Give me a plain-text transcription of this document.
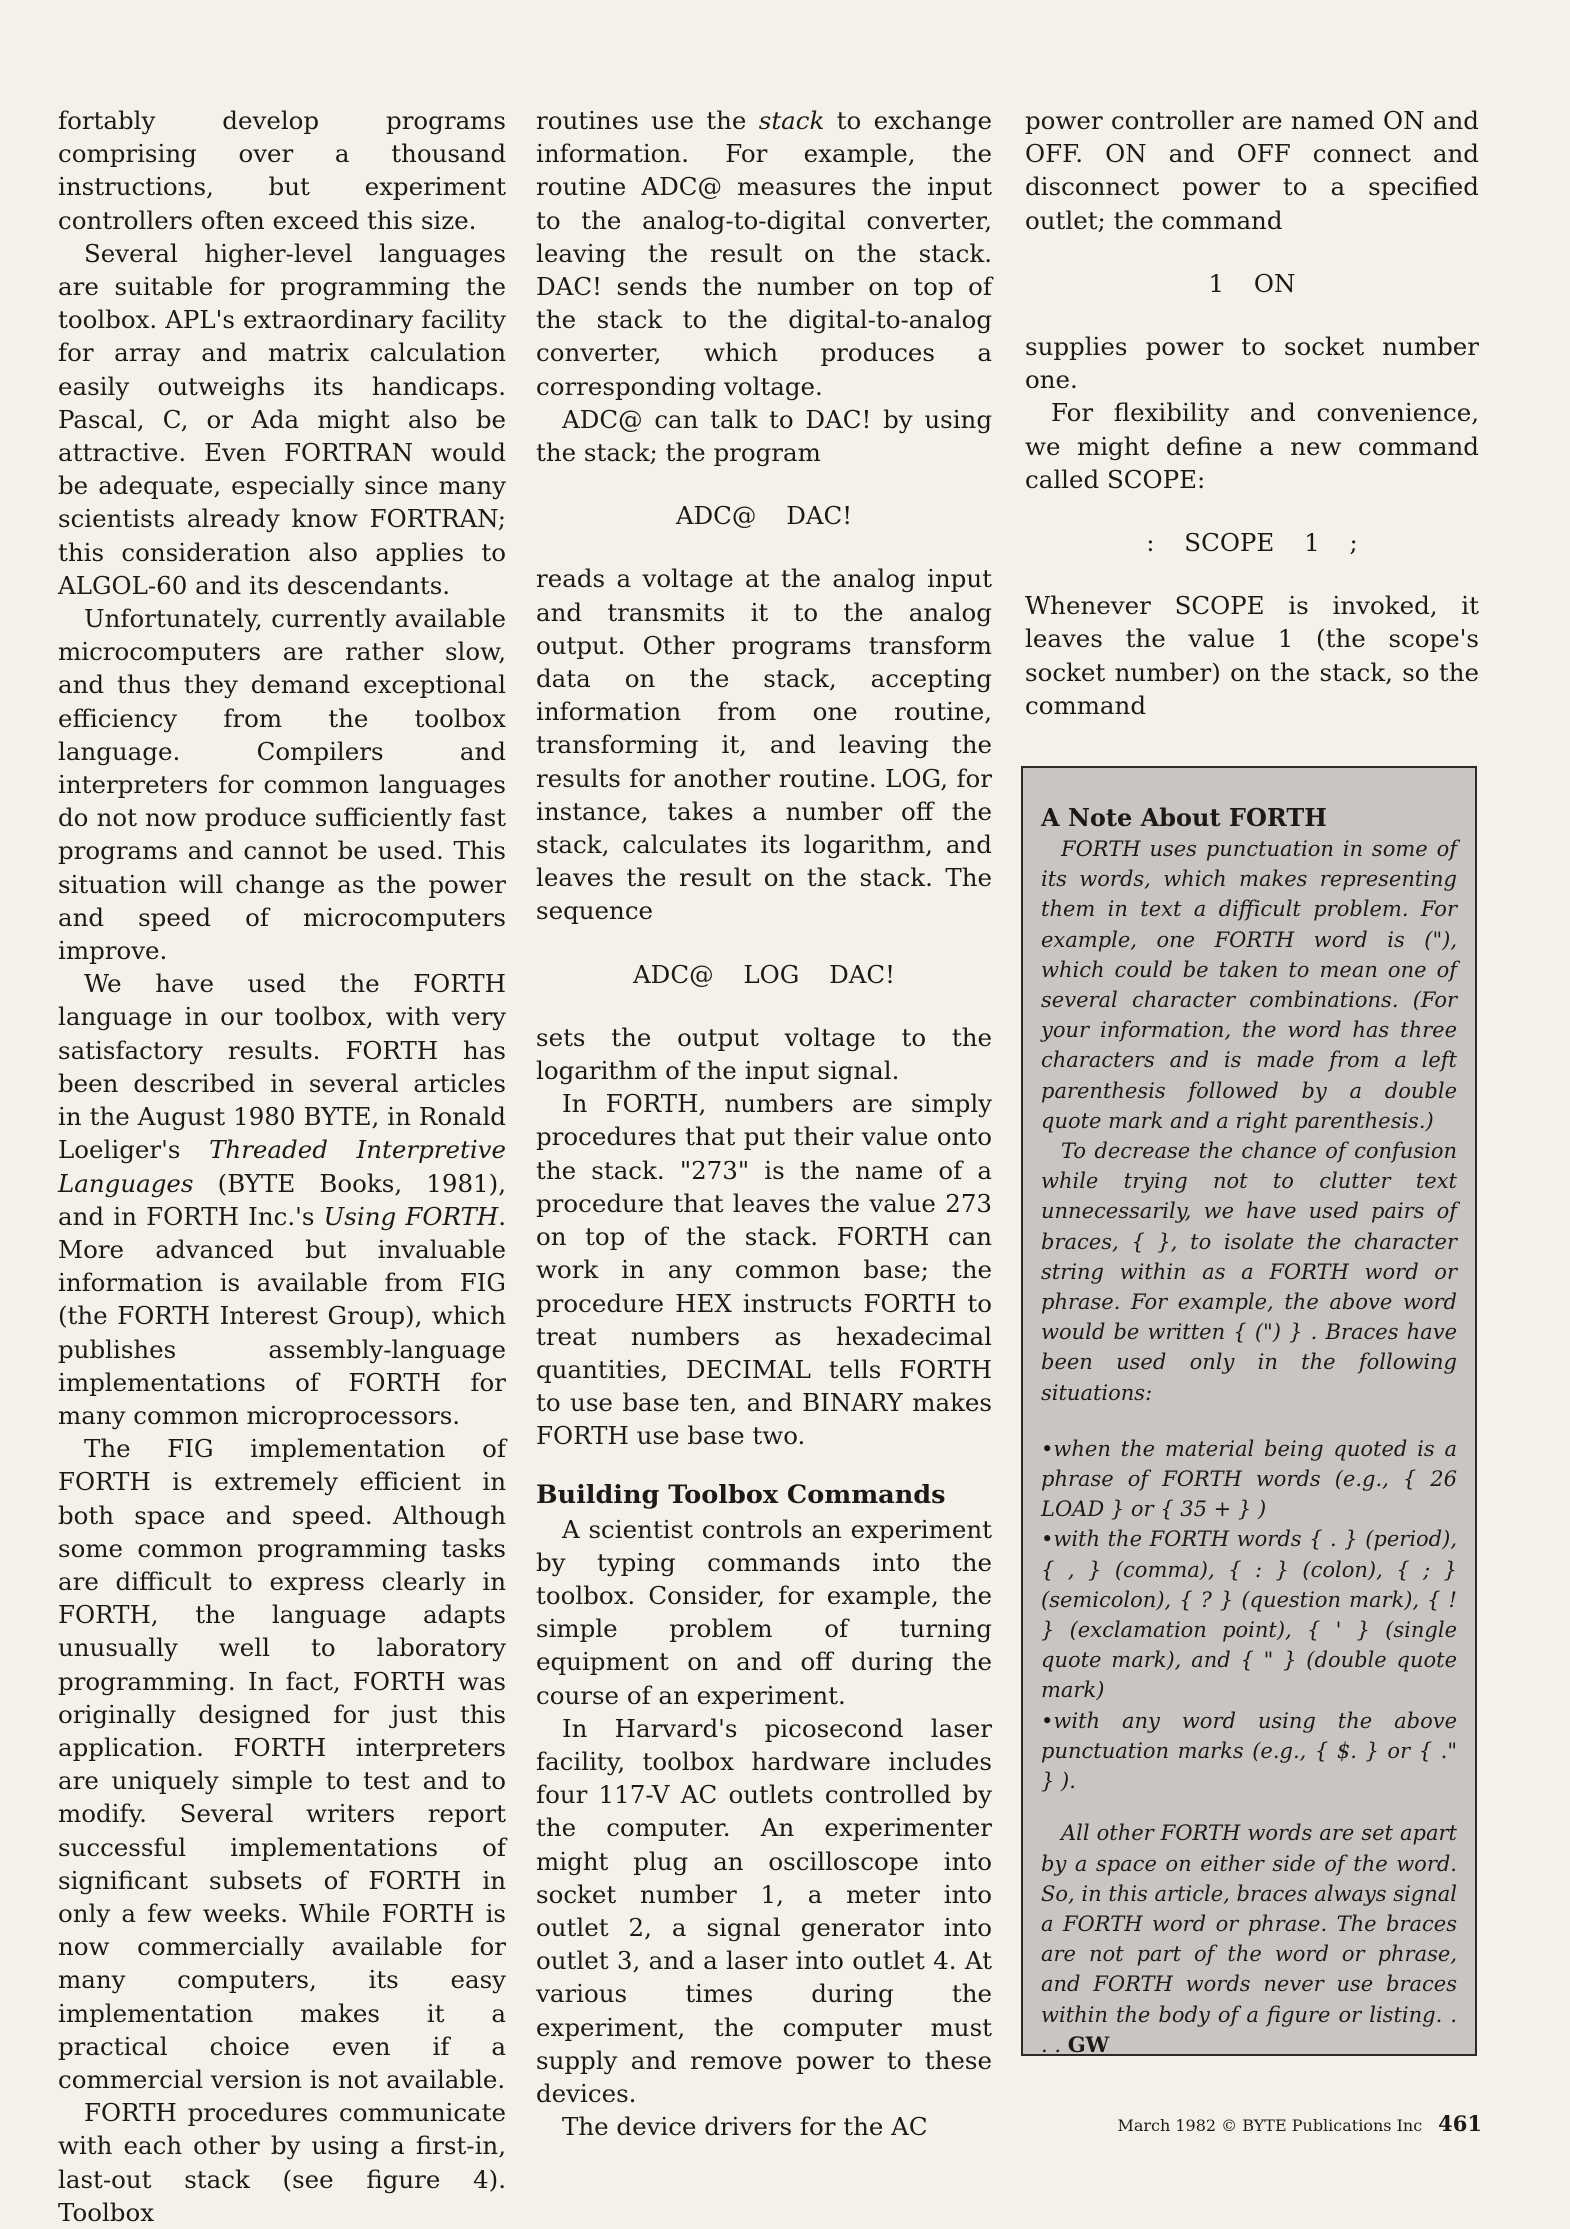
fortably develop programs comprising over a thousand instructions, but experiment controllers often exceed this size.

Several higher-level languages are suitable for programming the toolbox. APL's extraordinary facility for array and matrix calculation easily outweighs its handicaps. Pascal, C, or Ada might also be attractive. Even FORTRAN would be adequate, especially since many scientists already know FORTRAN; this consideration also applies to ALGOL-60 and its descendants.

Unfortunately, currently available microcomputers are rather slow, and thus they demand exceptional efficiency from the toolbox language. Compilers and interpreters for common languages do not now produce sufficiently fast programs and cannot be used. This situation will change as the power and speed of microcomputers improve.

We have used the FORTH language in our toolbox, with very satisfactory results. FORTH has been described in several articles in the August 1980 BYTE, in Ronald Loeliger's Threaded Interpretive Languages (BYTE Books, 1981), and in FORTH Inc.'s Using FORTH. More advanced but invaluable information is available from FIG (the FORTH Interest Group), which publishes assembly-language implementations of FORTH for many common microprocessors.

The FIG implementation of FORTH is extremely efficient in both space and speed. Although some common programming tasks are difficult to express clearly in FORTH, the language adapts unusually well to laboratory programming. In fact, FORTH was originally designed for just this application. FORTH interpreters are uniquely simple to test and to modify. Several writers report successful implementations of significant subsets of FORTH in only a few weeks. While FORTH is now commercially available for many computers, its easy implementation makes it a practical choice even if a commercial version is not available.

FORTH procedures communicate with each other by using a first-in, last-out stack (see figure 4). Toolbox

routines use the stack to exchange information. For example, the routine ADC@ measures the input to the analog-to-digital converter, leaving the result on the stack. DAC! sends the number on top of the stack to the digital-to-analog converter, which produces a corresponding voltage.

ADC@ can talk to DAC! by using the stack; the program

ADC@ DAC!

reads a voltage at the analog input and transmits it to the analog output. Other programs transform data on the stack, accepting information from one routine, transforming it, and leaving the results for another routine. LOG, for instance, takes a number off the stack, calculates its logarithm, and leaves the result on the stack. The sequence

ADC@ LOG DAC!

sets the output voltage to the logarithm of the input signal.

In FORTH, numbers are simply procedures that put their value onto the stack. "273" is the name of a procedure that leaves the value 273 on top of the stack. FORTH can work in any common base; the procedure HEX instructs FORTH to treat numbers as hexadecimal quantities, DECIMAL tells FORTH to use base ten, and BINARY makes FORTH use base two.

Building Toolbox Commands

A scientist controls an experiment by typing commands into the toolbox. Consider, for example, the simple problem of turning equipment on and off during the course of an experiment.

In Harvard's picosecond laser facility, toolbox hardware includes four 117-V AC outlets controlled by the computer. An experimenter might plug an oscilloscope into socket number 1, a meter into outlet 2, a signal generator into outlet 3, and a laser into outlet 4. At various times during the experiment, the computer must supply and remove power to these devices.

The device drivers for the AC

power controller are named ON and OFF. ON and OFF connect and disconnect power to a specified outlet; the command

1 ON

supplies power to socket number one.

For flexibility and convenience, we might define a new command called SCOPE:

: SCOPE 1 ;

Whenever SCOPE is invoked, it leaves the value 1 (the scope's socket number) on the stack, so the command

A Note About FORTH

FORTH uses punctuation in some of its words, which makes representing them in text a difficult problem. For example, one FORTH word is ("), which could be taken to mean one of several character combinations. (For your information, the word has three characters and is made from a left parenthesis followed by a double quote mark and a right parenthesis.)

To decrease the chance of confusion while trying not to clutter text unnecessarily, we have used pairs of braces, { }, to isolate the character string within as a FORTH word or phrase. For example, the above word would be written { (") } . Braces have been used only in the following situations:

•when the material being quoted is a phrase of FORTH words (e.g., { 26 LOAD } or { 35 + } )

•with the FORTH words { . } (period), { , } (comma), { : } (colon), { ; } (semicolon), { ? } (question mark), { ! } (exclamation point), { ' } (single quote mark), and { " } (double quote mark)

•with any word using the above punctuation marks (e.g., { $. } or { ." } ).

All other FORTH words are set apart by a space on either side of the word. So, in this article, braces always signal a FORTH word or phrase. The braces are not part of the word or phrase, and FORTH words never use braces within the body of a figure or listing. . . . GW

March 1982 © BYTE Publications Inc 461
